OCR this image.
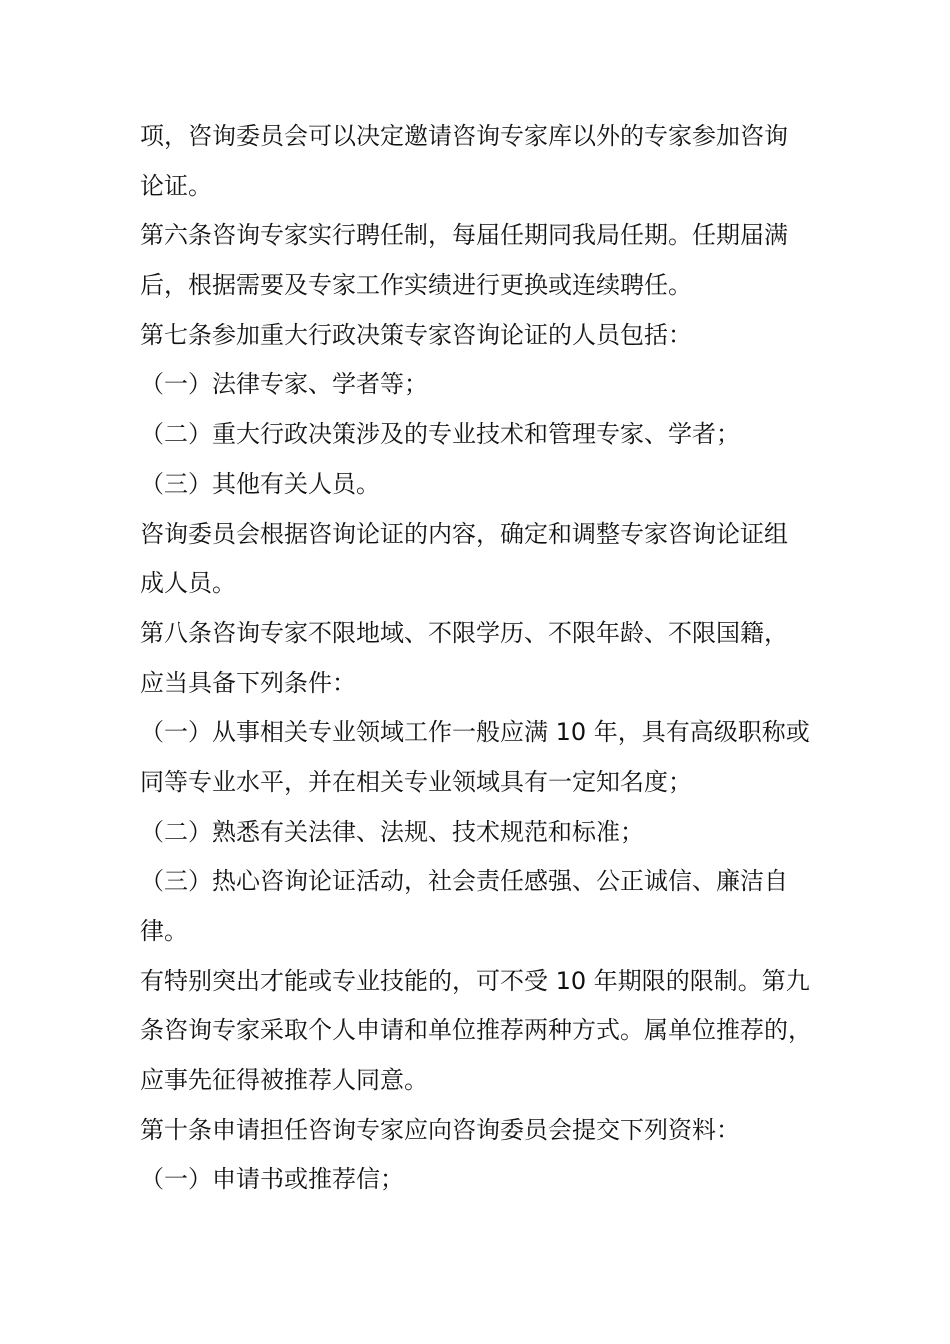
项，咨询委员会可以决定邀请咨询专家库以外的专家参加咨询
论证。
第六条咨询专家实行聘任制，每届任期同我局任期。任期届满
后，根据需要及专家工作实绩进行更换或连续聘任。
第七条参加重大行政决策专家咨询论证的人员包括：
（一）法律专家、学者等；
（二）重大行政决策涉及的专业技术和管理专家、学者；
（三）其他有关人员。
咨询委员会根据咨询论证的内容，确定和调整专家咨询论证组
成人员。
第八条咨询专家不限地域、不限学历、不限年龄、不限国籍，
应当具备下列条件：
（一）从事相关专业领域工作一般应满 10 年，具有高级职称或
同等专业水平，并在相关专业领域具有一定知名度；
（二）熟悉有关法律、法规、技术规范和标准；
（三）热心咨询论证活动，社会责任感强、公正诚信、廉洁自
律。
有特别突出才能或专业技能的，可不受 10 年期限的限制。第九
条咨询专家采取个人申请和单位推荐两种方式。属单位推荐的，
应事先征得被推荐人同意。
第十条申请担任咨询专家应向咨询委员会提交下列资料：
（一）申请书或推荐信；
